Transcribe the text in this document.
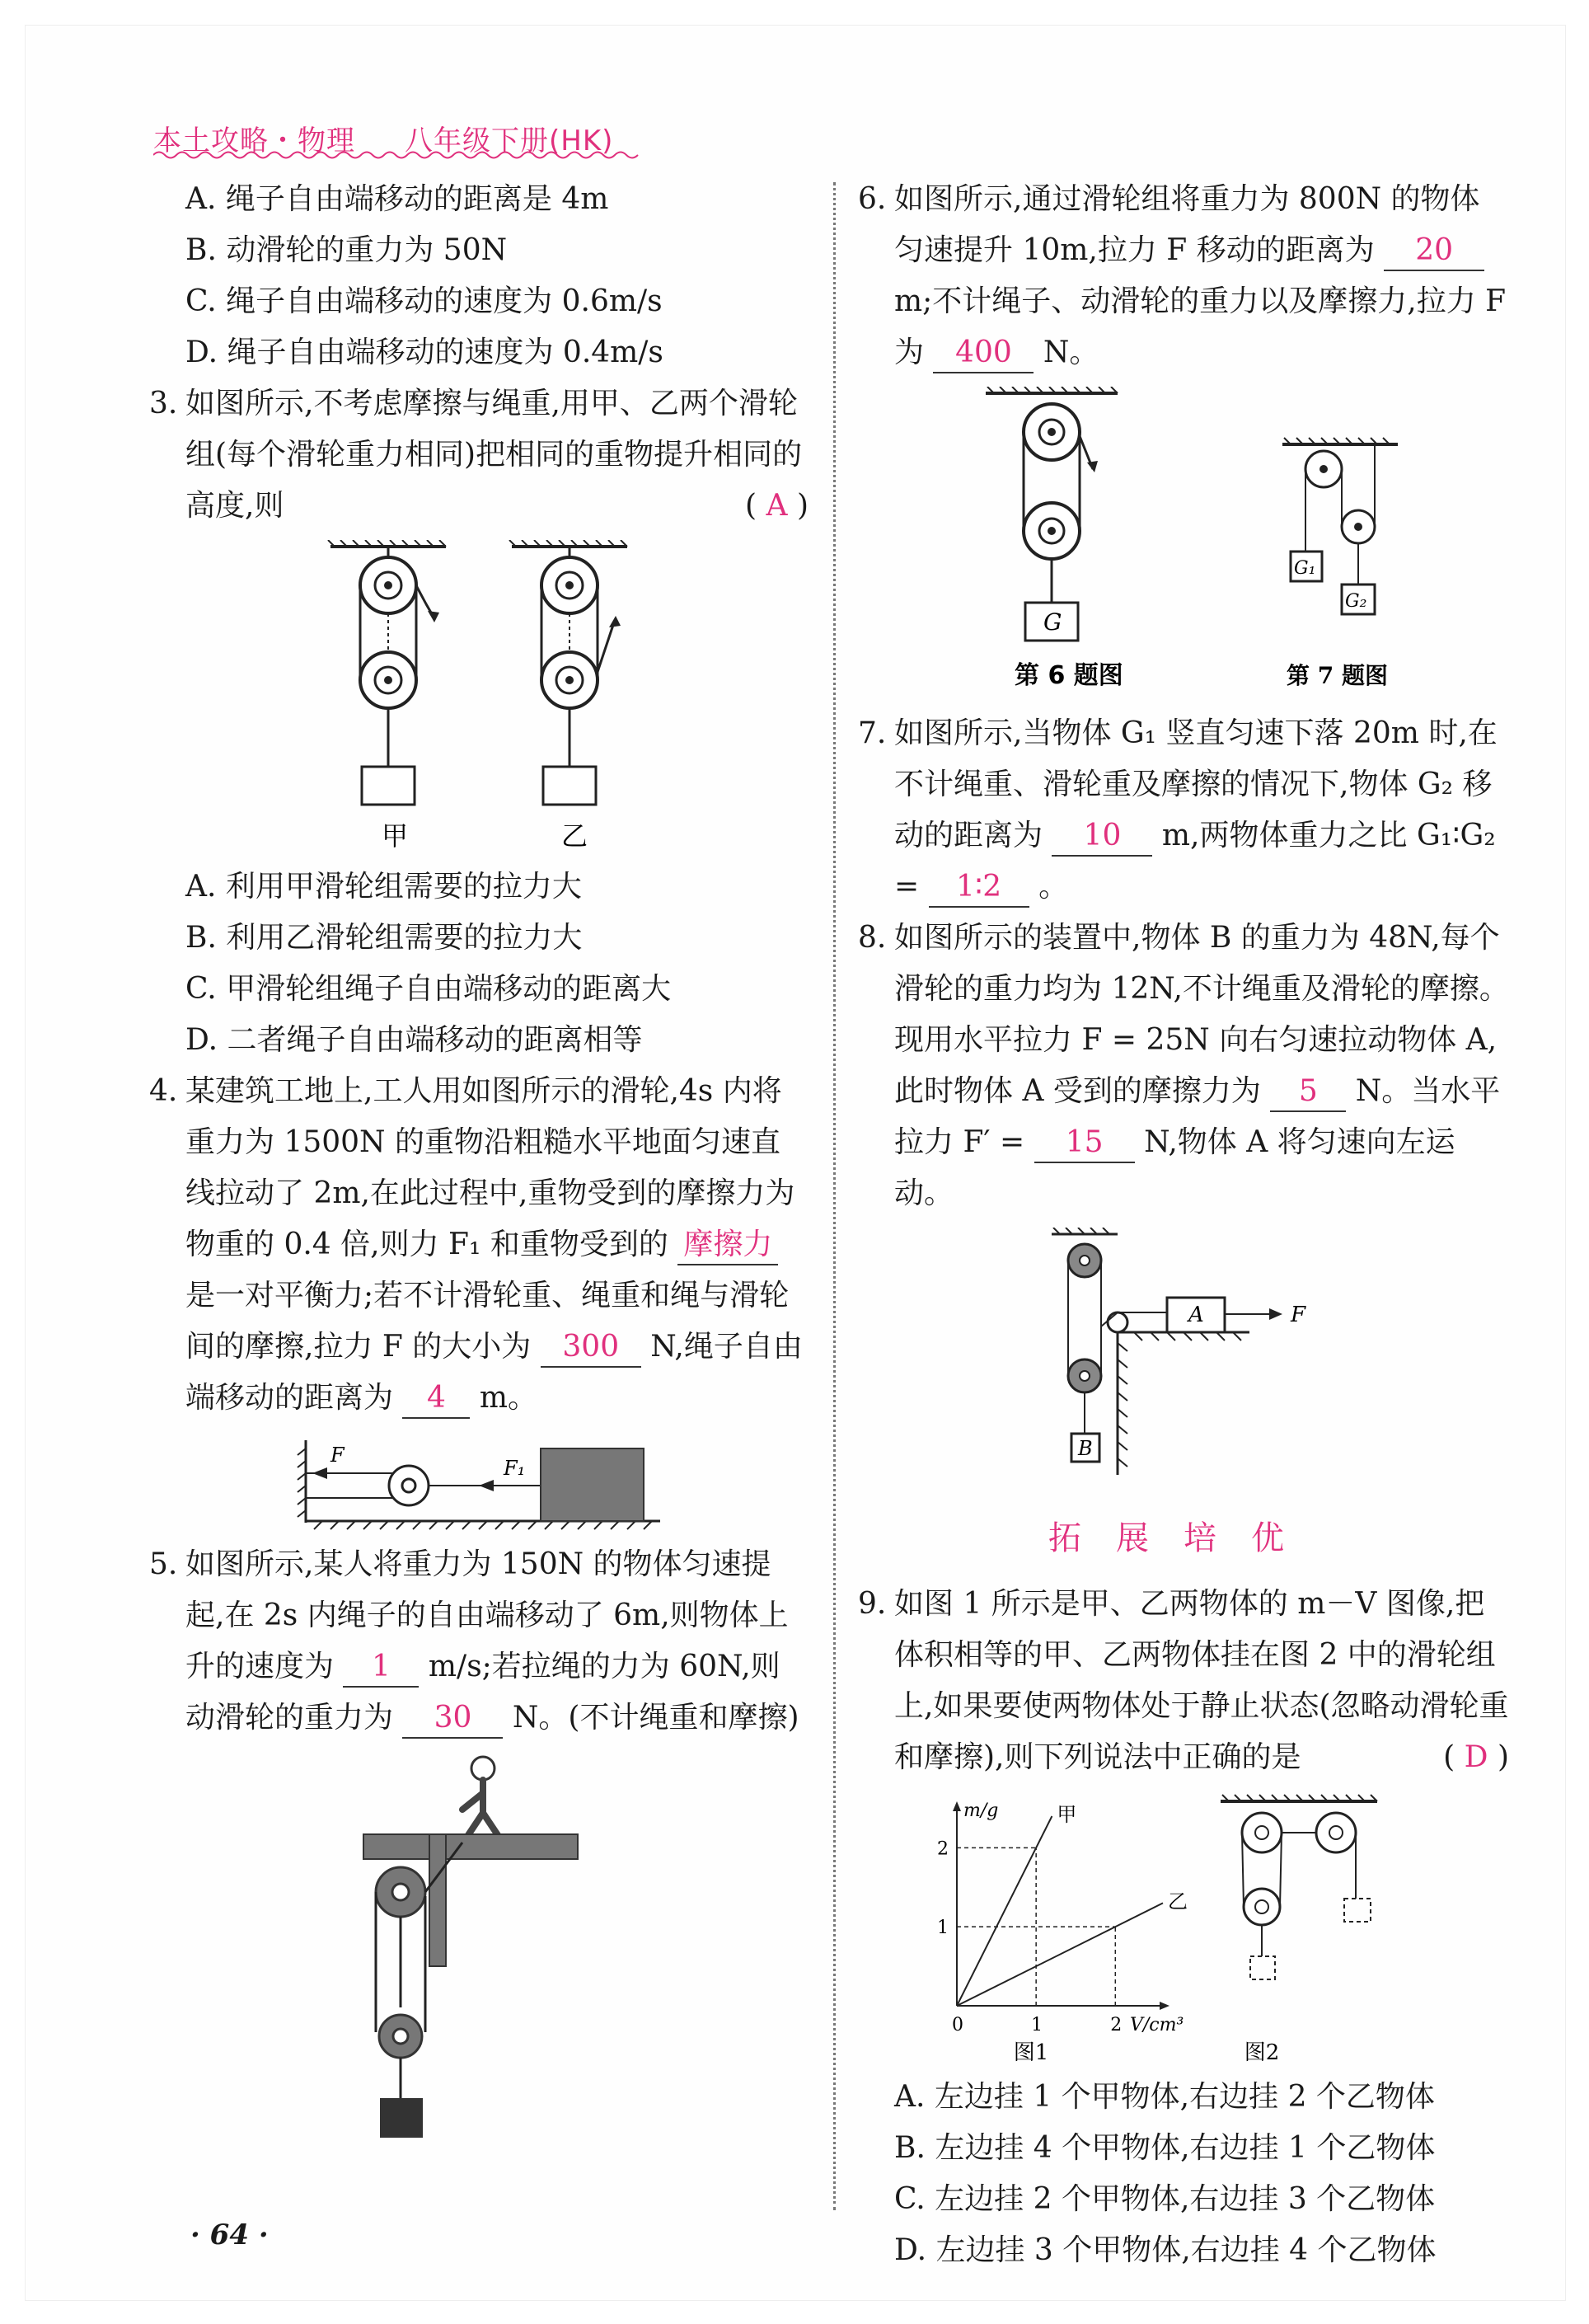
本土攻略・物理 八年级下册(HK)
A. 绳子自由端移动的距离是 4m
B. 动滑轮的重力为 50N
C. 绳子自由端移动的速度为 0.6m/s
D. 绳子自由端移动的速度为 0.4m/s
3. 如图所示,不考虑摩擦与绳重,用甲、乙两个滑轮组(每个滑轮重力相同)把相同的重物提升相同的高度,则	( A )
甲	乙
A. 利用甲滑轮组需要的拉力大
B. 利用乙滑轮组需要的拉力大
C. 甲滑轮组绳子自由端移动的距离大
D. 二者绳子自由端移动的距离相等
4. 某建筑工地上,工人用如图所示的滑轮,4s 内将重力为 1500N 的重物沿粗糙水平地面匀速直线拉动了 2m,在此过程中,重物受到的摩擦力为物重的 0.4 倍,则力 F₁ 和重物受到的 摩擦力 是一对平衡力;若不计滑轮重、绳重和绳与滑轮间的摩擦,拉力 F 的大小为 300 N,绳子自由端移动的距离为 4 m。
F
F₁
5. 如图所示,某人将重力为 150N 的物体匀速提起,在 2s 内绳子的自由端移动了 6m,则物体上升的速度为 1 m/s;若拉绳的力为 60N,则动滑轮的重力为 30 N。(不计绳重和摩擦)
6. 如图所示,通过滑轮组将重力为 800N 的物体匀速提升 10m,拉力 F 移动的距离为 20 m;不计绳子、动滑轮的重力以及摩擦力,拉力 F 为 400 N。
G
第 6 题图
G₁
G₂
第 7 题图
7. 如图所示,当物体 G₁ 竖直匀速下落 20m 时,在不计绳重、滑轮重及摩擦的情况下,物体 G₂ 移动的距离为 10 m,两物体重力之比 G₁∶G₂ = 1∶2 。
8. 如图所示的装置中,物体 B 的重力为 48N,每个滑轮的重力均为 12N,不计绳重及滑轮的摩擦。现用水平拉力 F = 25N 向右匀速拉动物体 A,此时物体 A 受到的摩擦力为 5 N。当水平拉力 F′ = 15 N,物体 A 将匀速向左运动。
B
A	F
拓展培优
9. 如图 1 所示是甲、乙两物体的 m－V 图像,把体积相等的甲、乙两物体挂在图 2 中的滑轮组上,如果要使两物体处于静止状态(忽略动滑轮重和摩擦),则下列说法中正确的是	( D )
V/cm³
m/g
0	1	2
1
2
甲
乙
图1	图2
A. 左边挂 1 个甲物体,右边挂 2 个乙物体
B. 左边挂 4 个甲物体,右边挂 1 个乙物体
C. 左边挂 2 个甲物体,右边挂 3 个乙物体
D. 左边挂 3 个甲物体,右边挂 4 个乙物体
· 64 ·
